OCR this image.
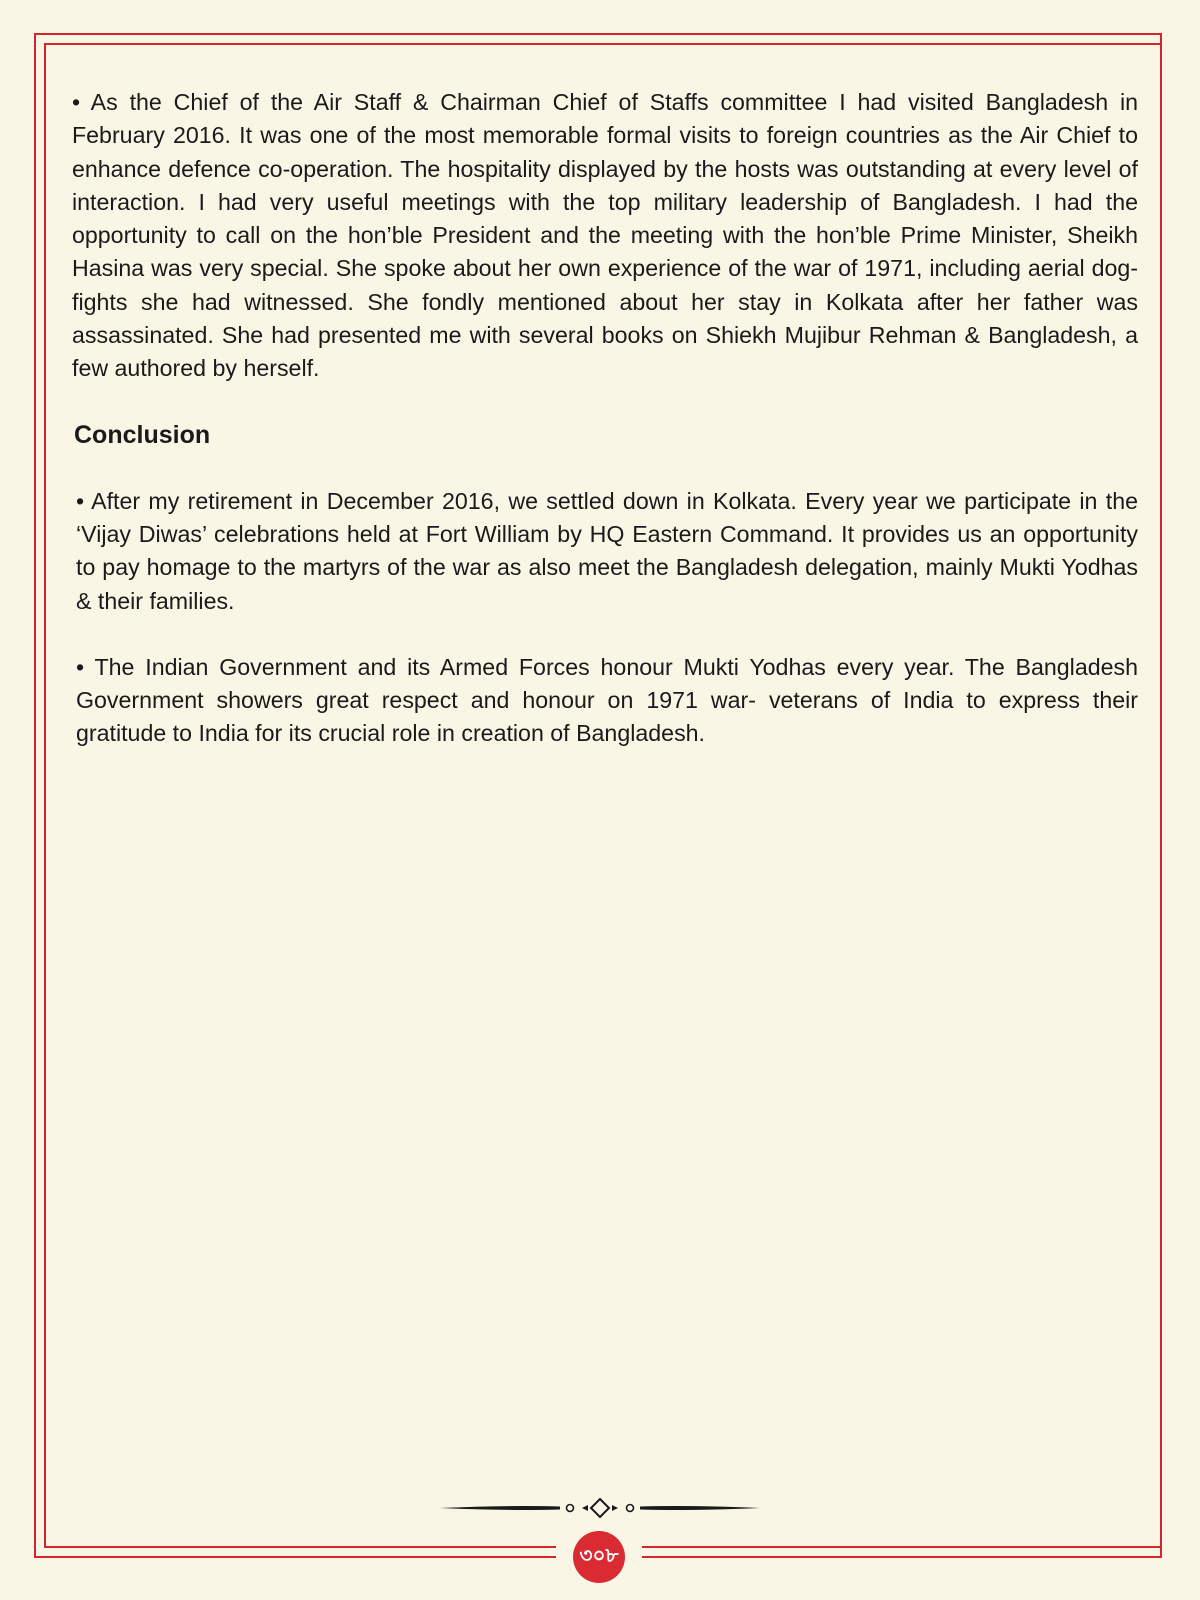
• As the Chief of the Air Staff & Chairman Chief of Staffs committee I had visited Bangladesh in February 2016. It was one of the most memorable formal visits to foreign countries as the Air Chief to enhance defence co-operation. The hospitality displayed by the hosts was outstanding at every level of interaction. I had very useful meetings with the top military leadership of Bangladesh. I had the opportunity to call on the hon’ble President and the meeting with the hon’ble Prime Minister, Sheikh Hasina was very special. She spoke about her own experience of the war of 1971, including aerial dog-fights she had witnessed. She fondly mentioned about her stay in Kolkata after her father was assassinated. She had presented me with several books on Shiekh Mujibur Rehman & Bangladesh, a few authored by herself.

Conclusion

• After my retirement in December 2016, we settled down in Kolkata. Every year we participate in the ‘Vijay Diwas’ celebrations held at Fort William by HQ Eastern Command. It provides us an opportunity to pay homage to the martyrs of the war as also meet the Bangladesh delegation, mainly Mukti Yodhas & their families.

• The Indian Government and its Armed Forces honour Mukti Yodhas every year. The Bangladesh Government showers great respect and honour on 1971 war- veterans of India to express their gratitude to India for its crucial role in creation of Bangladesh.

৩০৮
